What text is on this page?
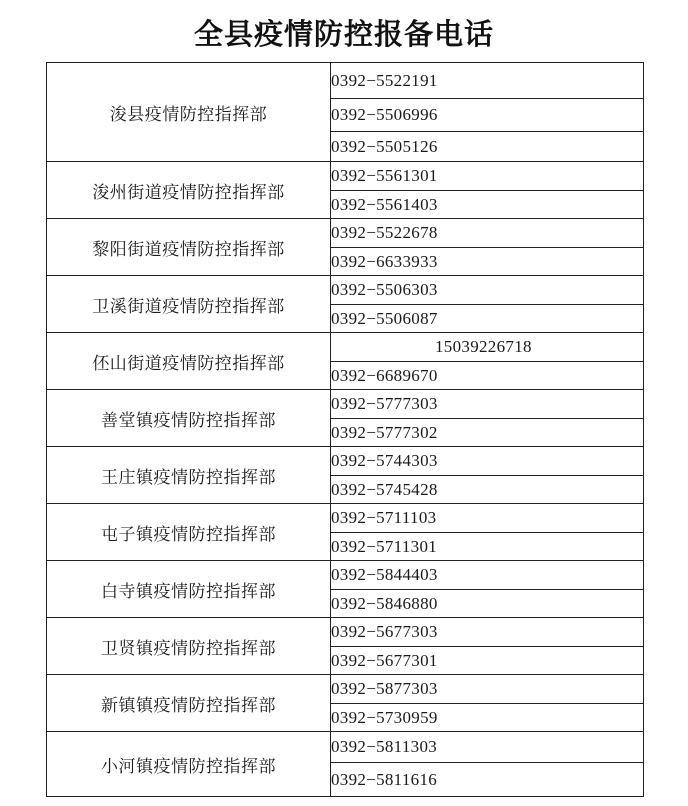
全县疫情防控报备电话
浚县疫情防控指挥部	0392−5522191
	0392−5506996
	0392−5505126
浚州街道疫情防控指挥部	0392−5561301
	0392−5561403
黎阳街道疫情防控指挥部	0392−5522678
	0392−6633933
卫溪街道疫情防控指挥部	0392−5506303
	0392−5506087
伾山街道疫情防控指挥部	15039226718
	0392−6689670
善堂镇疫情防控指挥部	0392−5777303
	0392−5777302
王庄镇疫情防控指挥部	0392−5744303
	0392−5745428
屯子镇疫情防控指挥部	0392−5711103
	0392−5711301
白寺镇疫情防控指挥部	0392−5844403
	0392−5846880
卫贤镇疫情防控指挥部	0392−5677303
	0392−5677301
新镇镇疫情防控指挥部	0392−5877303
	0392−5730959
小河镇疫情防控指挥部	0392−5811303
	0392−5811616
